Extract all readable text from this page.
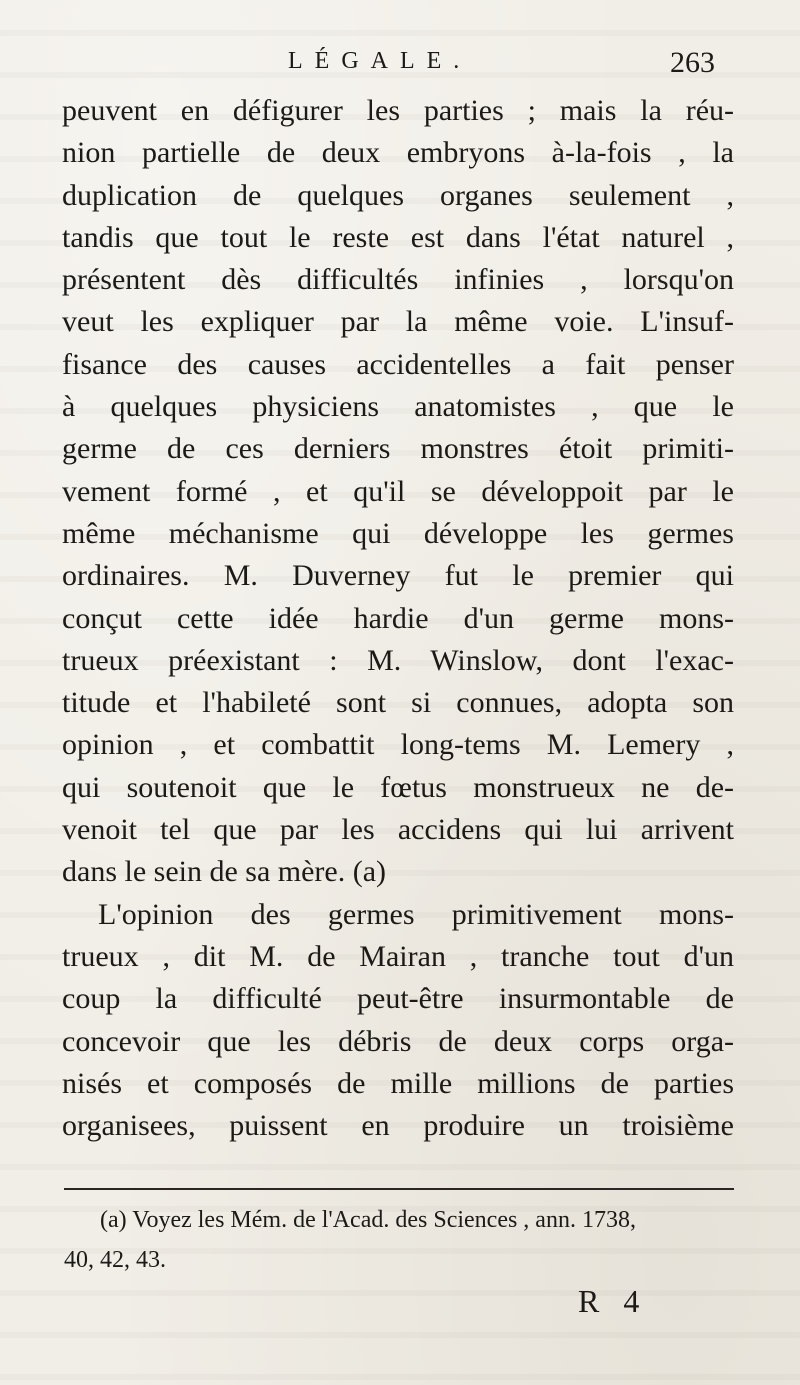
LÉGALE.	263
peuvent en défigurer les parties ; mais la réu-
nion partielle de deux embryons à-la-fois , la
duplication de quelques organes seulement ,
tandis que tout le reste est dans l'état naturel ,
présentent dès difficultés infinies , lorsqu'on
veut les expliquer par la même voie. L'insuf-
fisance des causes accidentelles a fait penser
à quelques physiciens anatomistes , que le
germe de ces derniers monstres étoit primiti-
vement formé , et qu'il se développoit par le
même méchanisme qui développe les germes
ordinaires. M. Duverney fut le premier qui
conçut cette idée hardie d'un germe mons-
trueux préexistant : M. Winslow, dont l'exac-
titude et l'habileté sont si connues, adopta son
opinion , et combattit long-tems M. Lemery ,
qui soutenoit que le fœtus monstrueux ne de-
venoit tel que par les accidens qui lui arrivent
dans le sein de sa mère. (a)
L'opinion des germes primitivement mons-
trueux , dit M. de Mairan , tranche tout d'un
coup la difficulté peut-être insurmontable de
concevoir que les débris de deux corps orga-
nisés et composés de mille millions de parties
organisees, puissent en produire un troisième
(a) Voyez les Mém. de l'Acad. des Sciences , ann. 1738,
40, 42, 43.
R 4
